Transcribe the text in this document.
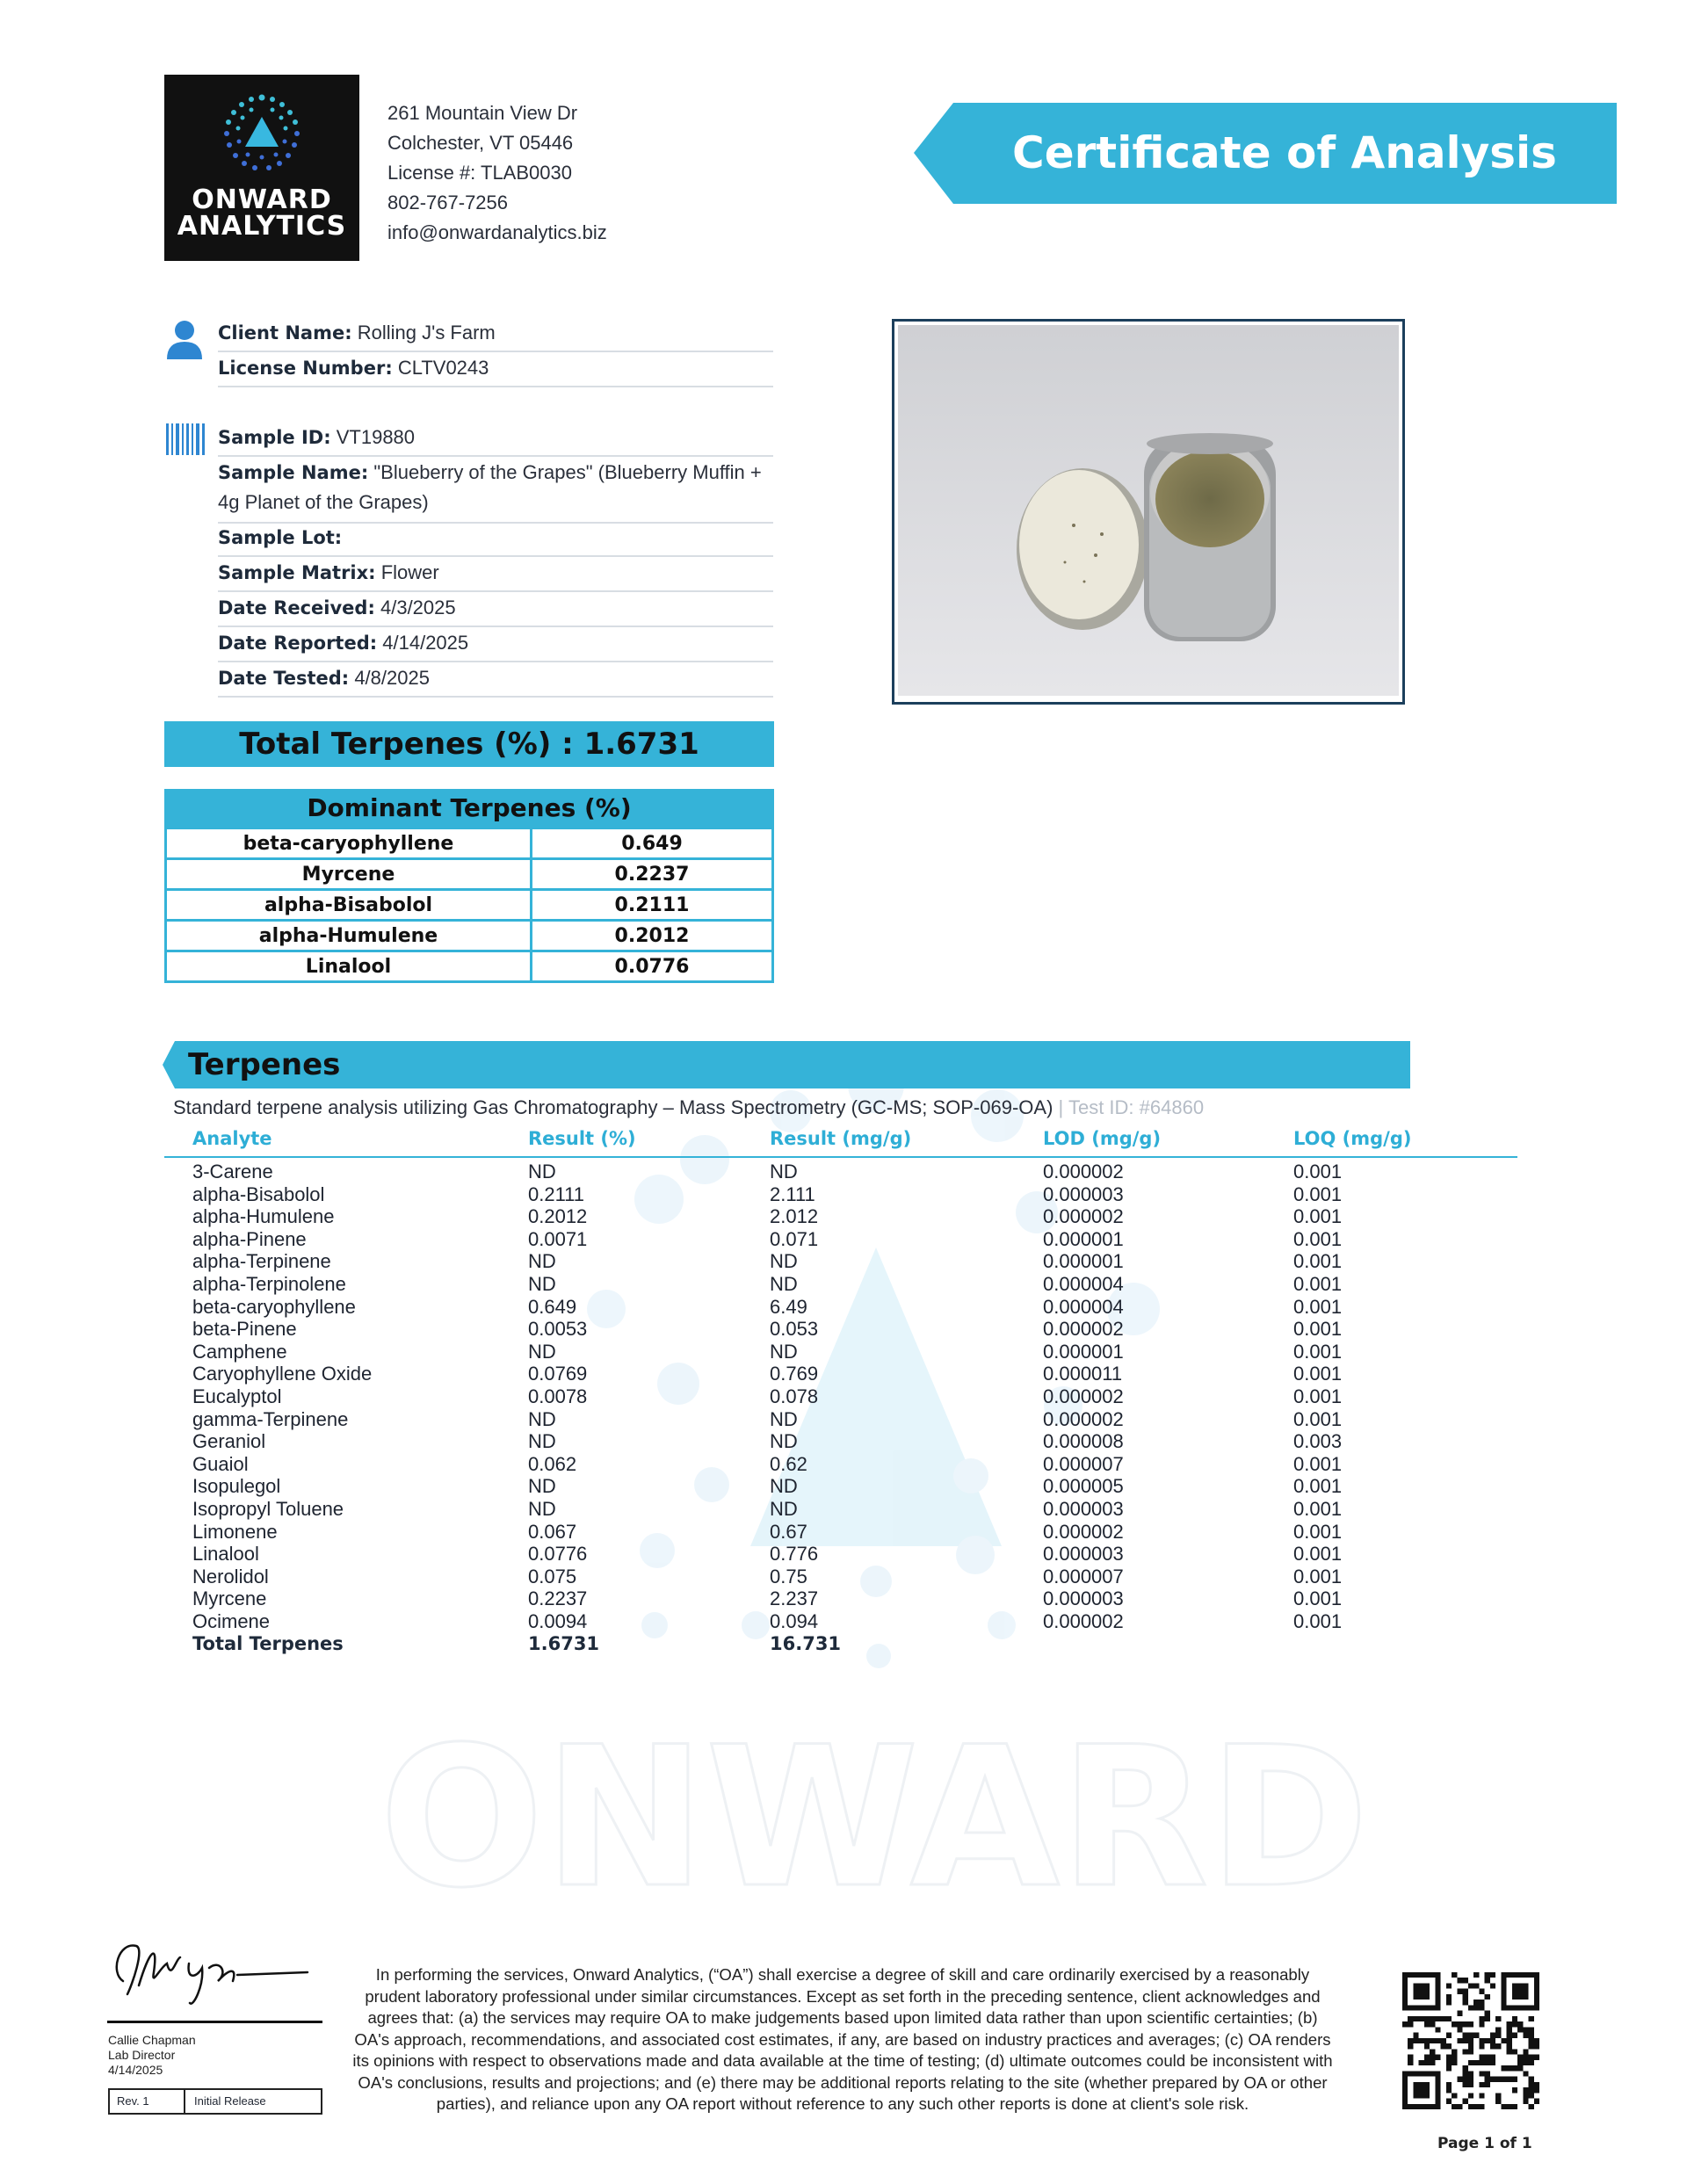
ONWARD
ONWARD
ANALYTICS
261 Mountain View Dr
Colchester, VT 05446
License #: TLAB0030
802-767-7256
info@onwardanalytics.biz
Certificate of Analysis
Client Name: Rolling J's Farm
License Number: CLTV0243
Sample ID: VT19880
Sample Name: "Blueberry of the Grapes" (Blueberry Muffin + 4g Planet of the Grapes)
Sample Lot:
Sample Matrix: Flower
Date Received: 4/3/2025
Date Reported: 4/14/2025
Date Tested: 4/8/2025
Total Terpenes (%) : 1.6731
Dominant Terpenes (%)
beta-caryophyllene	0.649
Myrcene	0.2237
alpha-Bisabolol	0.2111
alpha-Humulene	0.2012
Linalool	0.0776
Terpenes
Standard terpene analysis utilizing Gas Chromatography – Mass Spectrometry (GC-MS; SOP-069-OA) | Test ID: #64860
Analyte	Result (%)	Result (mg/g)	LOD (mg/g)	LOQ (mg/g)
3-Carene	ND	ND	0.000002	0.001
alpha-Bisabolol	0.2111	2.111	0.000003	0.001
alpha-Humulene	0.2012	2.012	0.000002	0.001
alpha-Pinene	0.0071	0.071	0.000001	0.001
alpha-Terpinene	ND	ND	0.000001	0.001
alpha-Terpinolene	ND	ND	0.000004	0.001
beta-caryophyllene	0.649	6.49	0.000004	0.001
beta-Pinene	0.0053	0.053	0.000002	0.001
Camphene	ND	ND	0.000001	0.001
Caryophyllene Oxide	0.0769	0.769	0.000011	0.001
Eucalyptol	0.0078	0.078	0.000002	0.001
gamma-Terpinene	ND	ND	0.000002	0.001
Geraniol	ND	ND	0.000008	0.003
Guaiol	0.062	0.62	0.000007	0.001
Isopulegol	ND	ND	0.000005	0.001
Isopropyl Toluene	ND	ND	0.000003	0.001
Limonene	0.067	0.67	0.000002	0.001
Linalool	0.0776	0.776	0.000003	0.001
Nerolidol	0.075	0.75	0.000007	0.001
Myrcene	0.2237	2.237	0.000003	0.001
Ocimene	0.0094	0.094	0.000002	0.001
Total Terpenes	1.6731	16.731
Callie Chapman
Lab Director
4/14/2025
Rev. 1	Initial Release
In performing the services, Onward Analytics, (“OA”) shall exercise a degree of skill and care ordinarily exercised by a reasonably prudent laboratory professional under similar circumstances. Except as set forth in the preceding sentence, client acknowledges and agrees that: (a) the services may require OA to make judgements based upon limited data rather than upon scientific certainties; (b) OA's approach, recommendations, and associated cost estimates, if any, are based on industry practices and averages; (c) OA renders its opinions with respect to observations made and data available at the time of testing; (d) ultimate outcomes could be inconsistent with OA's conclusions, results and projections; and (e) there may be additional reports relating to the site (whether prepared by OA or other parties), and reliance upon any OA report without reference to any such other reports is done at client's sole risk.
Page 1 of 1
